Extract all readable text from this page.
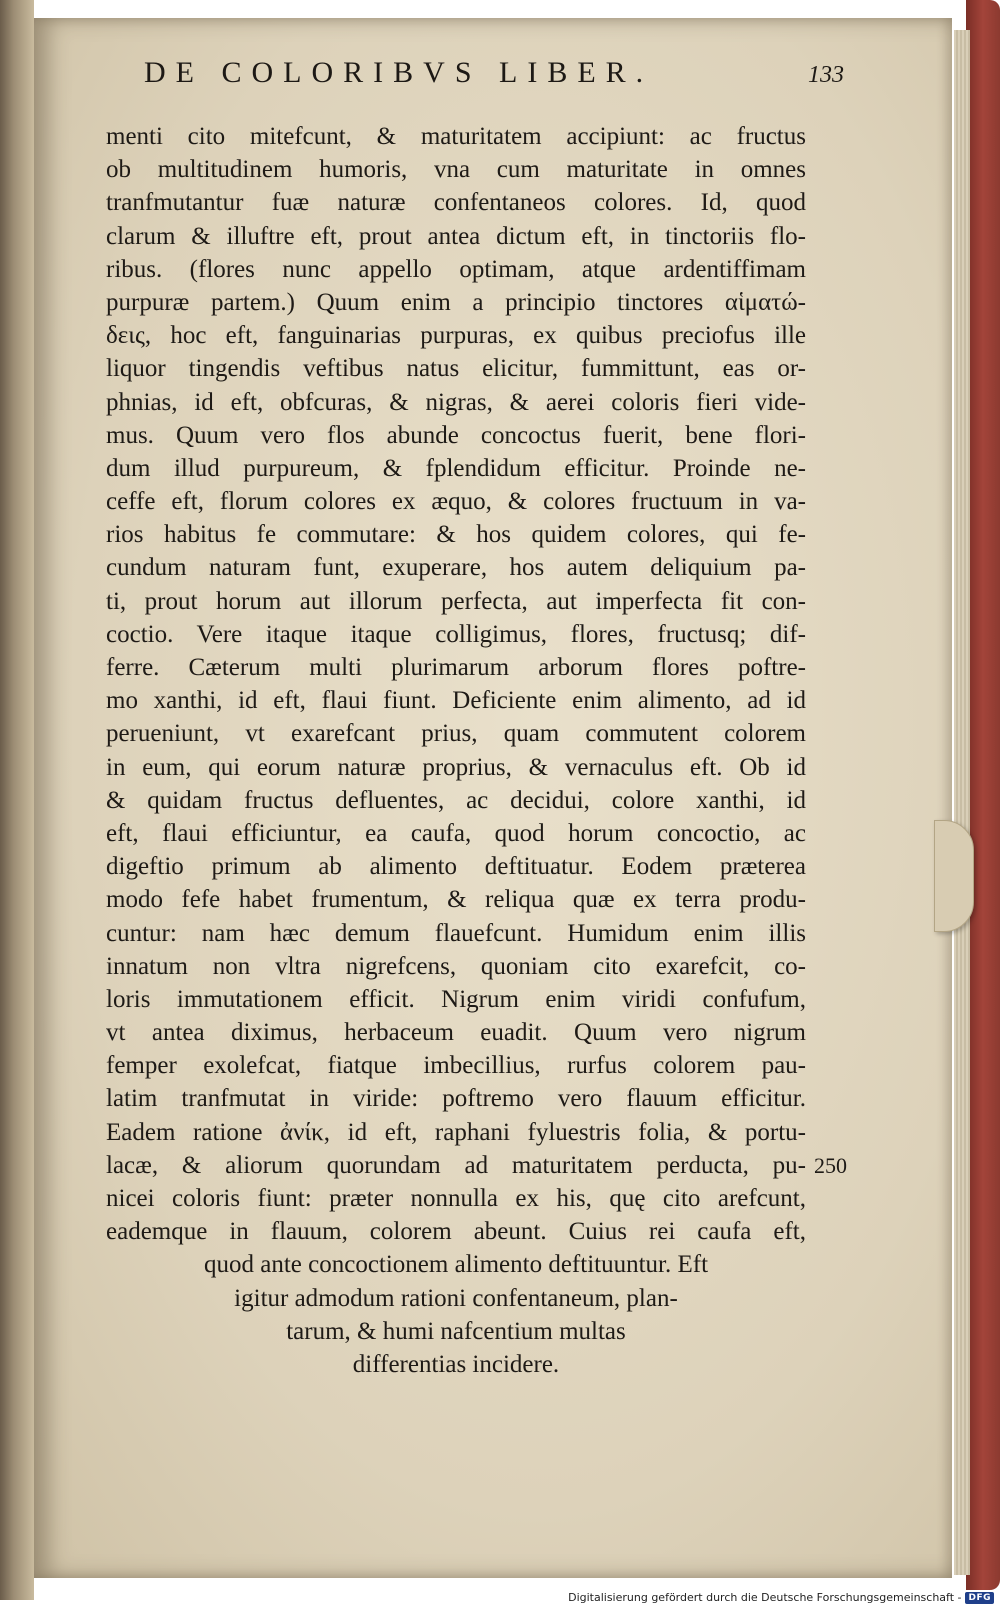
DE COLORIBVS LIBER.	133
menti cito mitefcunt, & maturitatem accipiunt: ac fructus
ob multitudinem humoris, vna cum maturitate in omnes
tranfmutantur fuæ naturæ confentaneos colores. Id, quod
clarum & illuftre eft, prout antea dictum eft, in tinctoriis flo-
ribus. (flores nunc appello optimam, atque ardentiffimam
purpuræ partem.) Quum enim a principio tinctores αἱματώ-
δεις, hoc eft, fanguinarias purpuras, ex quibus preciofus ille
liquor tingendis veftibus natus elicitur, fummittunt, eas or-
phnias, id eft, obfcuras, & nigras, & aerei coloris fieri vide-
mus. Quum vero flos abunde concoctus fuerit, bene flori-
dum illud purpureum, & fplendidum efficitur. Proinde ne-
ceffe eft, florum colores ex æquo, & colores fructuum in va-
rios habitus fe commutare: & hos quidem colores, qui fe-
cundum naturam funt, exuperare, hos autem deliquium pa-
ti, prout horum aut illorum perfecta, aut imperfecta fit con-
coctio. Vere itaque itaque colligimus, flores, fructusq; dif-
ferre. Cæterum multi plurimarum arborum flores poftre-
mo xanthi, id eft, flaui fiunt. Deficiente enim alimento, ad id
perueniunt, vt exarefcant prius, quam commutent colorem
in eum, qui eorum naturæ proprius, & vernaculus eft. Ob id
& quidam fructus defluentes, ac decidui, colore xanthi, id
eft, flaui efficiuntur, ea caufa, quod horum concoctio, ac
digeftio primum ab alimento deftituatur. Eodem præterea
modo fefe habet frumentum, & reliqua quæ ex terra produ-
cuntur: nam hæc demum flauefcunt. Humidum enim illis
innatum non vltra nigrefcens, quoniam cito exarefcit, co-
loris immutationem efficit. Nigrum enim viridi confufum,
vt antea diximus, herbaceum euadit. Quum vero nigrum
femper exolefcat, fiatque imbecillius, rurfus colorem pau-
latim tranfmutat in viride: poftremo vero flauum efficitur.
Eadem ratione ἀνίκ, id eft, raphani fyluestris folia, & portu-
lacæ, & aliorum quorundam ad maturitatem perducta, pu-
nicei coloris fiunt: præter nonnulla ex his, quę cito arefcunt,
eademque in flauum, colorem abeunt. Cuius rei caufa eft,
quod ante concoctionem alimento deftituuntur. Eft
igitur admodum rationi confentaneum, plan-
tarum, & humi nafcentium multas
differentias incidere.
250
Digitalisierung gefördert durch die Deutsche Forschungsgemeinschaft - DFG
